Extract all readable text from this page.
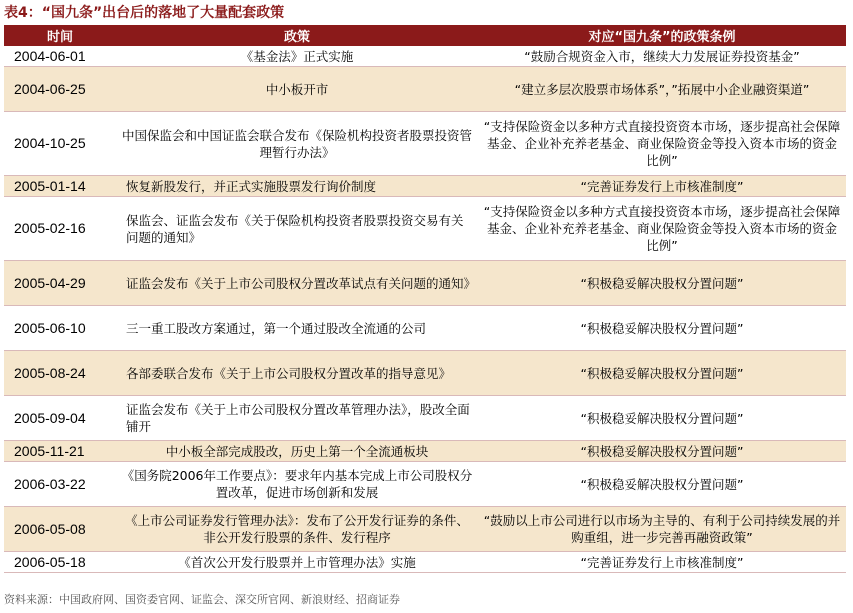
表4：“国九条”出台后的落地了大量配套政策
时间	政策	对应“国九条”的政策条例
2004-06-01	《基金法》正式实施	“鼓励合规资金入市，继续大力发展证券投资基金”
2004-06-25	中小板开市	“建立多层次股票市场体系”，”拓展中小企业融资渠道”
2004-10-25	中国保监会和中国证监会联合发布《保险机构投资者股票投资管理暂行办法》	“支持保险资金以多种方式直接投资资本市场，逐步提高社会保障基金、企业补充养老基金、商业保险资金等投入资本市场的资金比例”
2005-01-14	恢复新股发行，并正式实施股票发行询价制度	“完善证券发行上市核准制度”
2005-02-16	保监会、证监会发布《关于保险机构投资者股票投资交易有关问题的通知》	“支持保险资金以多种方式直接投资资本市场，逐步提高社会保障基金、企业补充养老基金、商业保险资金等投入资本市场的资金比例”
2005-04-29	证监会发布《关于上市公司股权分置改革试点有关问题的通知》	“积极稳妥解决股权分置问题”
2005-06-10	三一重工股改方案通过，第一个通过股改全流通的公司	“积极稳妥解决股权分置问题”
2005-08-24	各部委联合发布《关于上市公司股权分置改革的指导意见》	“积极稳妥解决股权分置问题”
2005-09-04	证监会发布《关于上市公司股权分置改革管理办法》，股改全面铺开	“积极稳妥解决股权分置问题”
2005-11-21	中小板全部完成股改，历史上第一个全流通板块	“积极稳妥解决股权分置问题”
2006-03-22	《国务院2006年工作要点》：要求年内基本完成上市公司股权分置改革，促进市场创新和发展	“积极稳妥解决股权分置问题”
2006-05-08	《上市公司证券发行管理办法》：发布了公开发行证券的条件、非公开发行股票的条件、发行程序	“鼓励以上市公司进行以市场为主导的、有利于公司持续发展的并购重组，进一步完善再融资政策”
2006-05-18	《首次公开发行股票并上市管理办法》实施	“完善证券发行上市核准制度”
资料来源：中国政府网、国资委官网、证监会、深交所官网、新浪财经、招商证券
